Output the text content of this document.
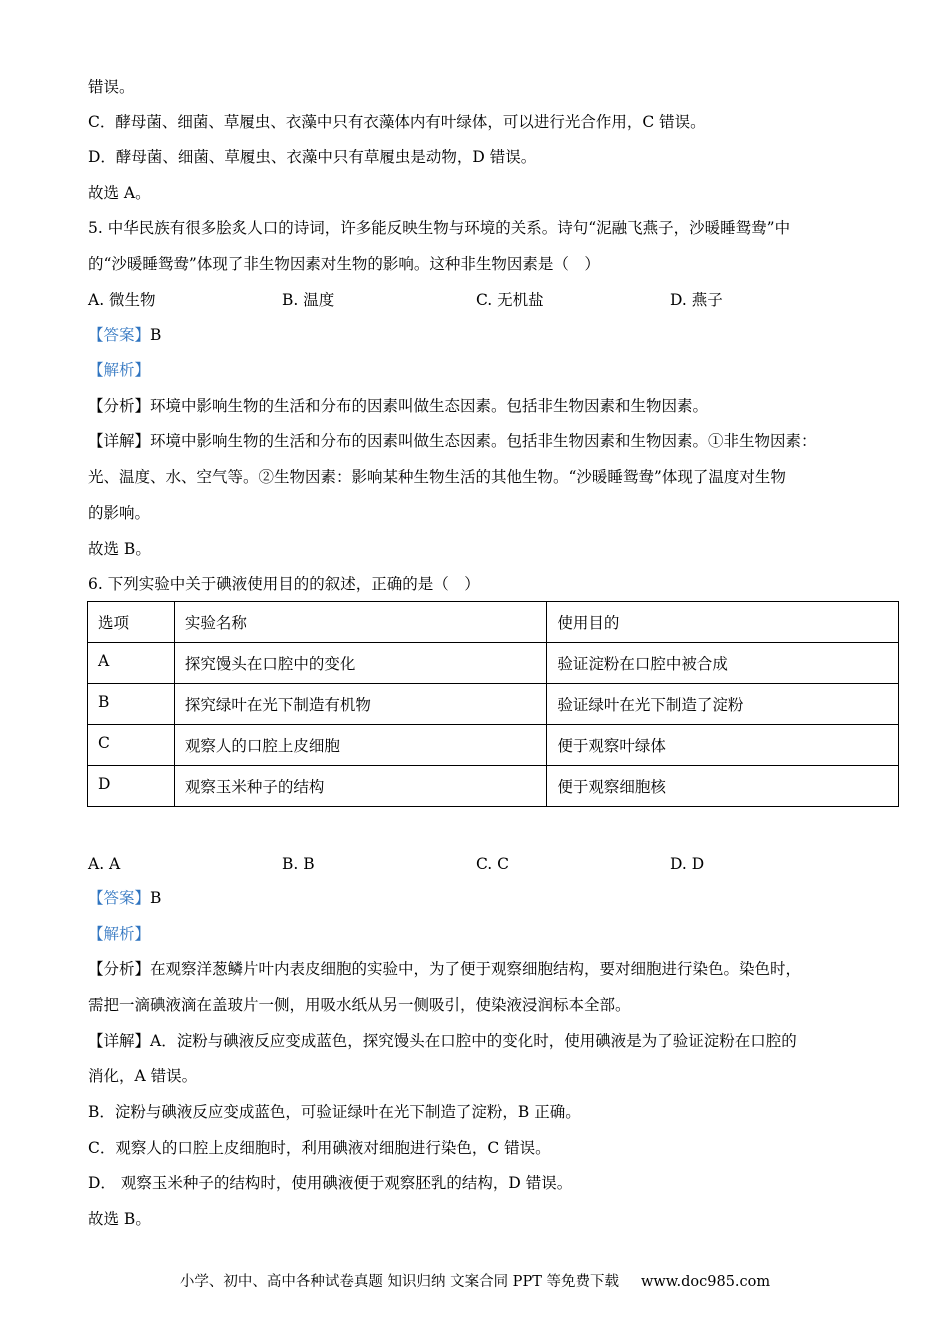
错误。
C．酵母菌、细菌、草履虫、衣藻中只有衣藻体内有叶绿体，可以进行光合作用，C 错误。
D．酵母菌、细菌、草履虫、衣藻中只有草履虫是动物，D 错误。
故选 A。
5. 中华民族有很多脍炙人口的诗词，许多能反映生物与环境的关系。诗句“泥融飞燕子，沙暖睡鸳鸯”中
的“沙暖睡鸳鸯”体现了非生物因素对生物的影响。这种非生物因素是（　）
A. 微生物	B. 温度	C. 无机盐	D. 燕子
【答案】B
【解析】
【分析】环境中影响生物的生活和分布的因素叫做生态因素。包括非生物因素和生物因素。
【详解】环境中影响生物的生活和分布的因素叫做生态因素。包括非生物因素和生物因素。①非生物因素：
光、温度、水、空气等。②生物因素：影响某种生物生活的其他生物。“沙暖睡鸳鸯”体现了温度对生物
的影响。
故选 B。
6. 下列实验中关于碘液使用目的的叙述，正确的是（　）
选项	实验名称	使用目的
A	探究馒头在口腔中的变化	验证淀粉在口腔中被合成
B	探究绿叶在光下制造有机物	验证绿叶在光下制造了淀粉
C	观察人的口腔上皮细胞	便于观察叶绿体
D	观察玉米种子的结构	便于观察细胞核
A. A	B. B	C. C	D. D
【答案】B
【解析】
【分析】在观察洋葱鳞片叶内表皮细胞的实验中，为了便于观察细胞结构，要对细胞进行染色。染色时，
需把一滴碘液滴在盖玻片一侧，用吸水纸从另一侧吸引，使染液浸润标本全部。
【详解】A．淀粉与碘液反应变成蓝色，探究馒头在口腔中的变化时，使用碘液是为了验证淀粉在口腔的
消化，A 错误。
B．淀粉与碘液反应变成蓝色，可验证绿叶在光下制造了淀粉，B 正确。
C．观察人的口腔上皮细胞时，利用碘液对细胞进行染色，C 错误。
D． 观察玉米种子的结构时，使用碘液便于观察胚乳的结构，D 错误。
故选 B。
小学、初中、高中各种试卷真题 知识归纳 文案合同 PPT 等免费下载 www.doc985.com
